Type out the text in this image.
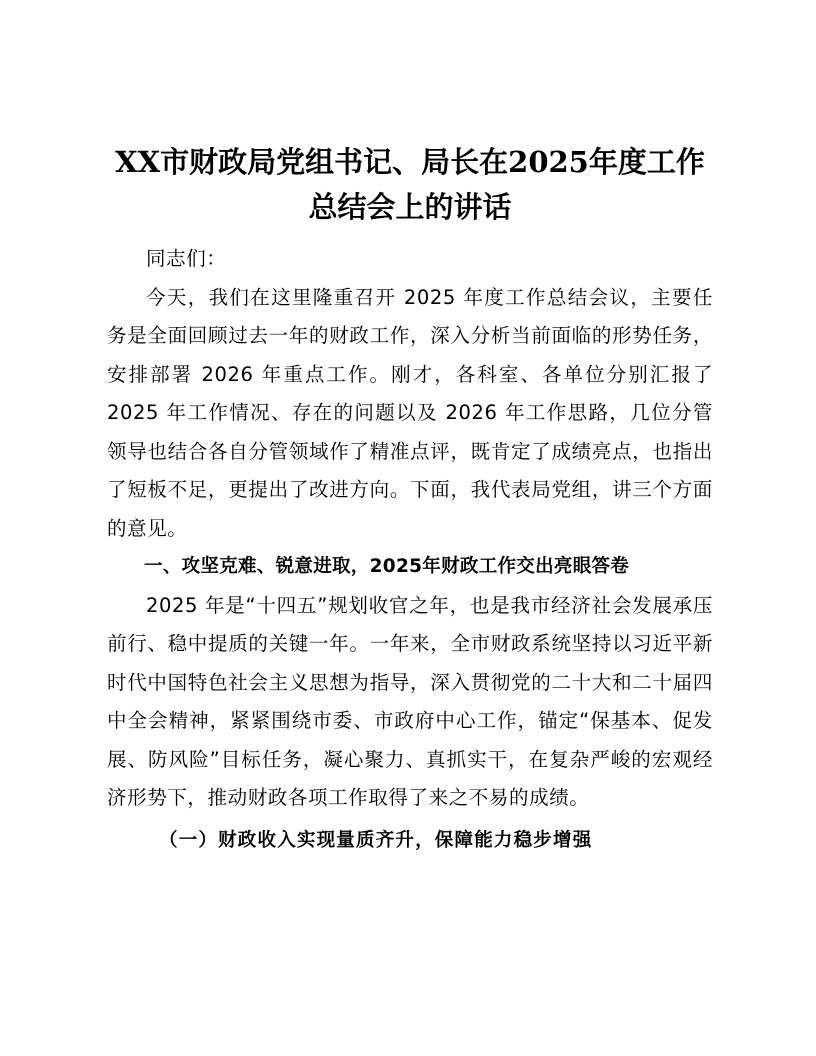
XX市财政局党组书记、局长在2025年度工作
总结会上的讲话

同志们：

今天，我们在这里隆重召开 2025 年度工作总结会议，主要任务是全面回顾过去一年的财政工作，深入分析当前面临的形势任务，安排部署 2026 年重点工作。刚才，各科室、各单位分别汇报了 2025 年工作情况、存在的问题以及 2026 年工作思路，几位分管领导也结合各自分管领域作了精准点评，既肯定了成绩亮点，也指出了短板不足，更提出了改进方向。下面，我代表局党组，讲三个方面的意见。

一、攻坚克难、锐意进取，2025年财政工作交出亮眼答卷

2025 年是“十四五”规划收官之年，也是我市经济社会发展承压前行、稳中提质的关键一年。一年来，全市财政系统坚持以习近平新时代中国特色社会主义思想为指导，深入贯彻党的二十大和二十届四中全会精神，紧紧围绕市委、市政府中心工作，锚定“保基本、促发展、防风险”目标任务，凝心聚力、真抓实干，在复杂严峻的宏观经济形势下，推动财政各项工作取得了来之不易的成绩。

（一）财政收入实现量质齐升，保障能力稳步增强
